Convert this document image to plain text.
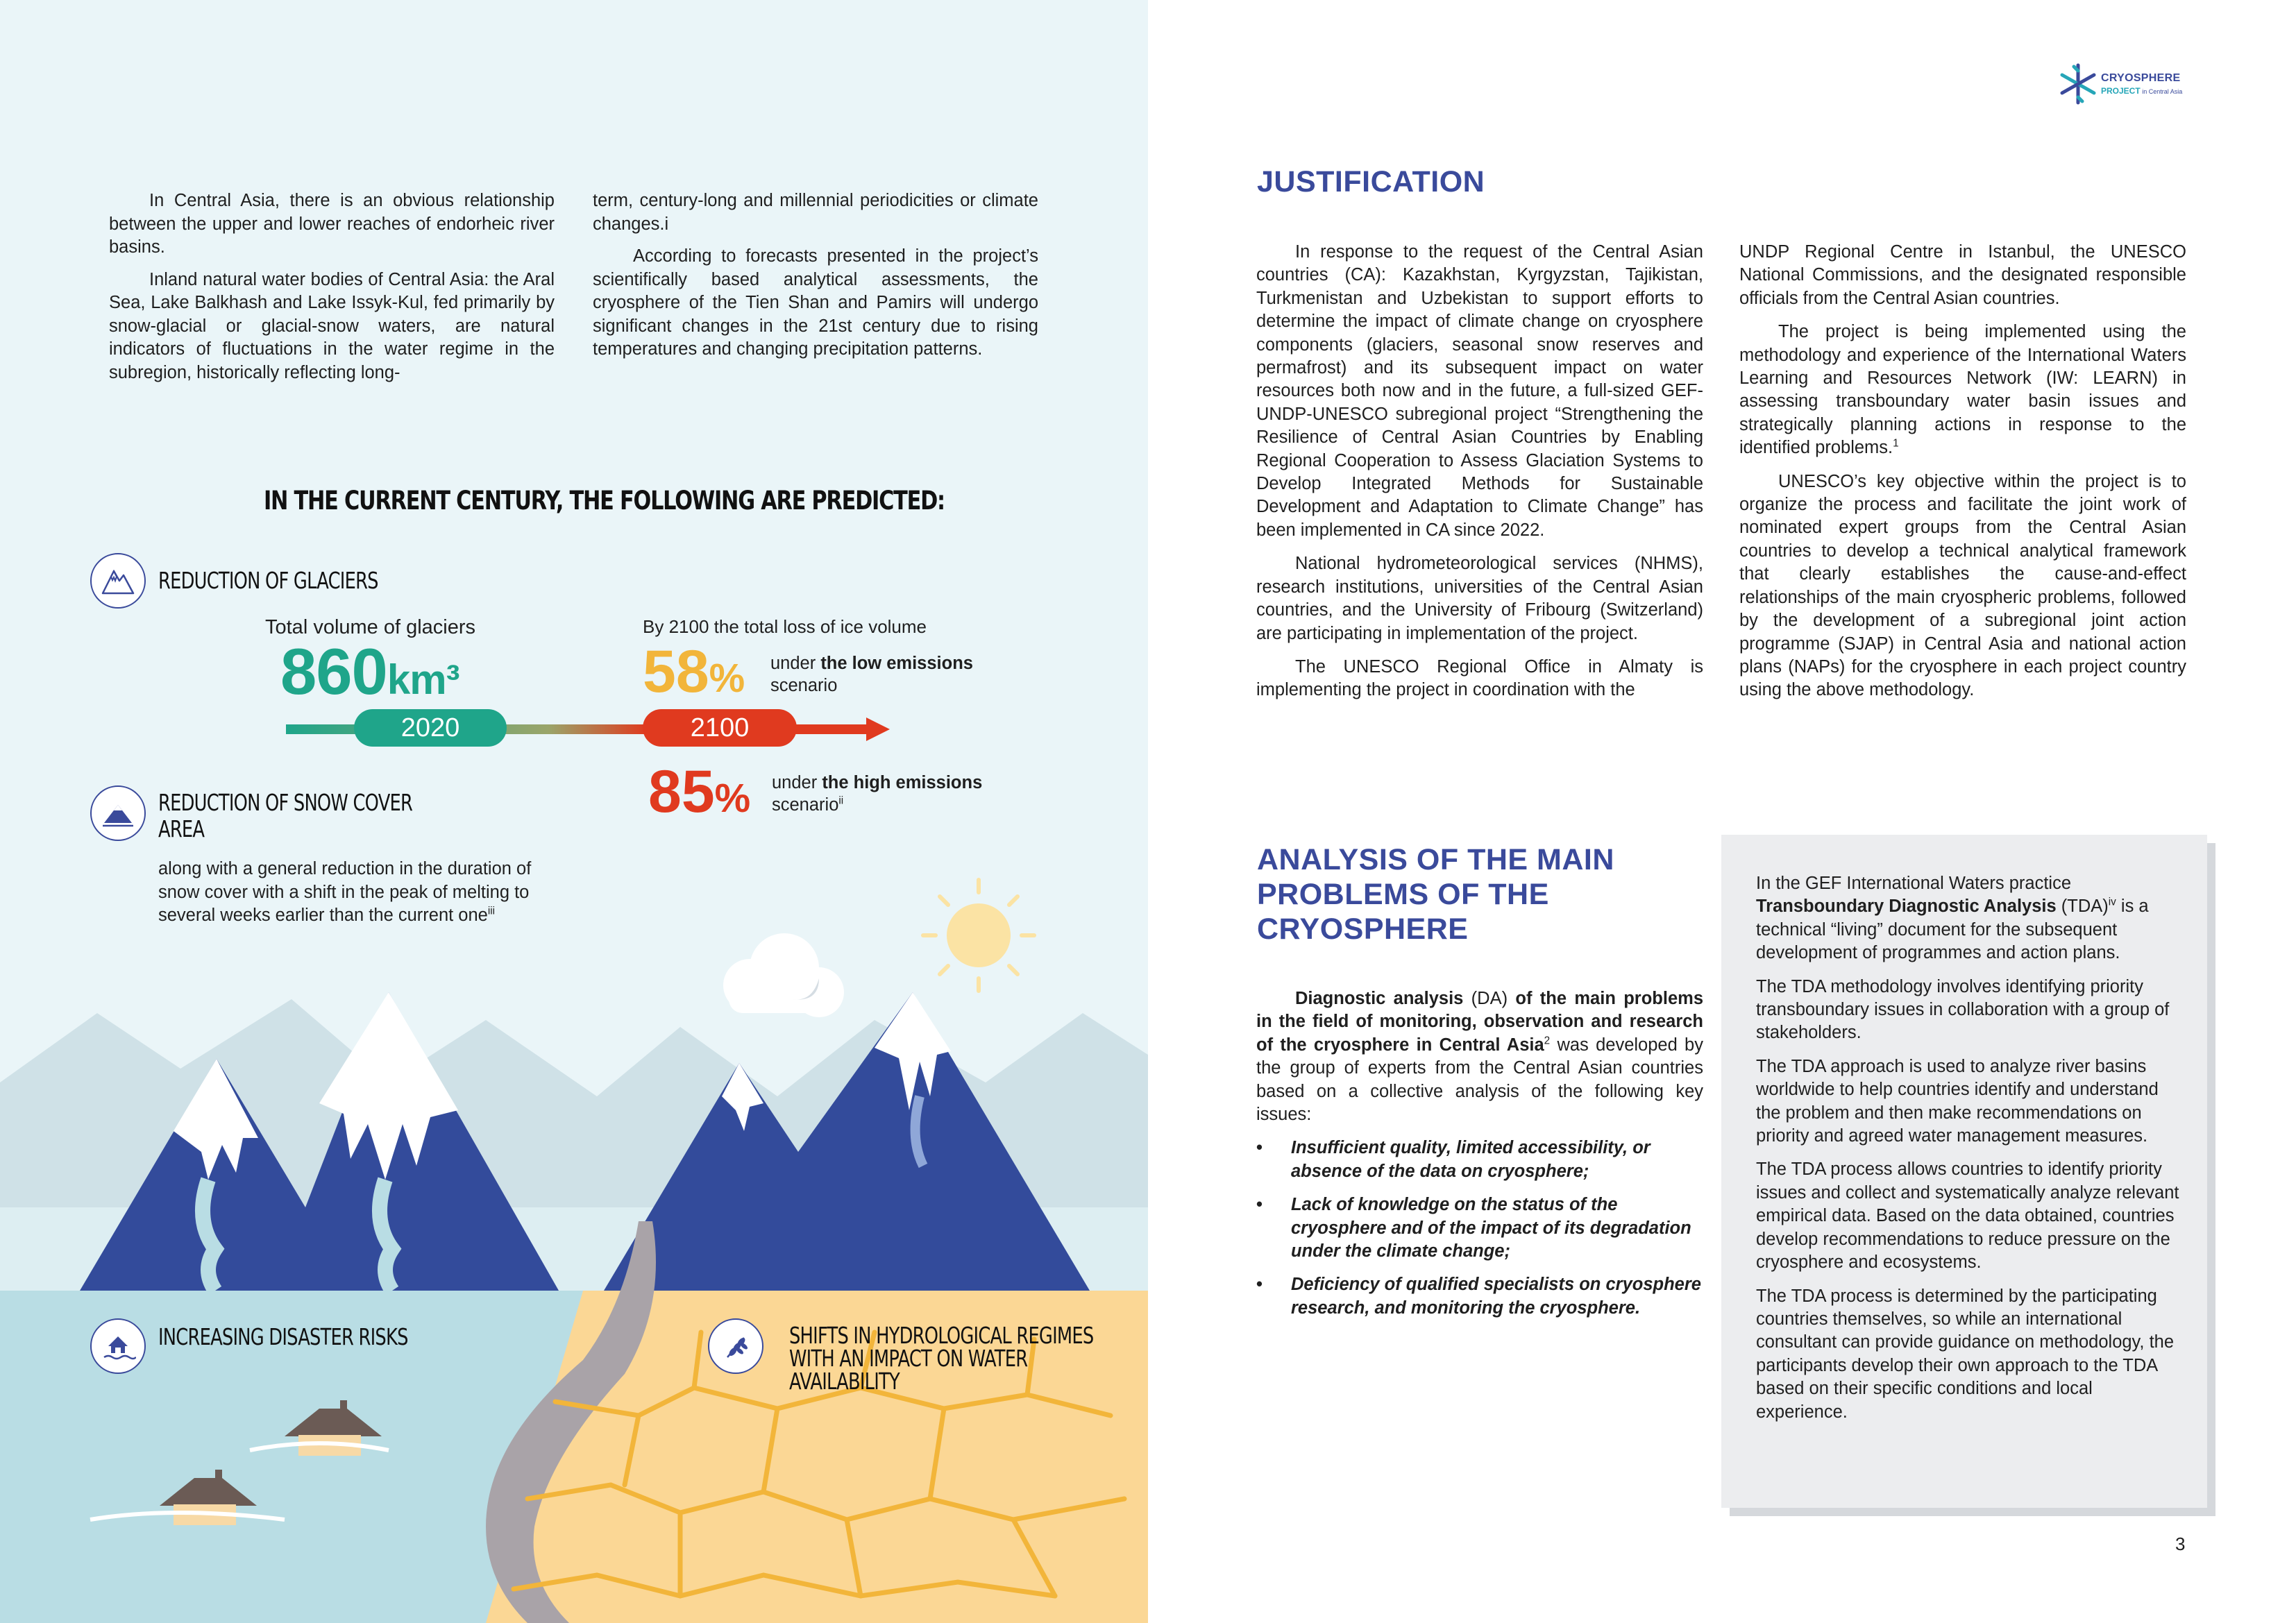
In Central Asia, there is an obvious relationship between the upper and lower reaches of endorheic river basins.

Inland natural water bodies of Central Asia: the Aral Sea, Lake Balkhash and Lake Issyk-Kul, fed primarily by snow-glacial or glacial-snow waters, are natural indicators of fluctuations in the water regime in the subregion, historically reflecting long-

term, century-long and millennial periodicities or climate changes.i

According to forecasts presented in the project’s scientifically based analytical assessments, the cryosphere of the Tien Shan and Pamirs will undergo significant changes in the 21st century due to rising temperatures and changing precipitation patterns.

IN THE CURRENT CENTURY, THE FOLLOWING ARE PREDICTED:
REDUCTION OF GLACIERS
Total volume of glaciers
860km³
By 2100 the total loss of ice volume
58% under the low emissions
scenario
2020	2100
85% under the high emissions
scenario$^{ii}$
REDUCTION OF SNOW COVER
AREA
along with a general reduction in the duration of snow cover with a shift in the peak of melting to several weeks earlier than the current one$^{iii}$
INCREASING DISASTER RISKS	SHIFTS IN HYDROLOGICAL REGIMES
WITH AN IMPACT ON WATER
AVAILABILITY
CRYOSPHERE
PROJECT in Central Asia
JUSTIFICATION

In response to the request of the Central Asian countries (CA): Kazakhstan, Kyrgyzstan, Tajikistan, Turkmenistan and Uzbekistan to support efforts to determine the impact of climate change on cryosphere components (glaciers, seasonal snow reserves and permafrost) and its subsequent impact on water resources both now and in the future, a full-sized GEF-UNDP-UNESCO subregional project “Strengthening the Resilience of Central Asian Countries by Enabling Regional Cooperation to Assess Glaciation Systems to Develop Integrated Methods for Sustainable Development and Adaptation to Climate Change” has been implemented in CA since 2022.

National hydrometeorological services (NHMS), research institutions, universities of the Central Asian countries, and the University of Fribourg (Switzerland) are participating in implementation of the project.

The UNESCO Regional Office in Almaty is implementing the project in coordination with the

UNDP Regional Centre in Istanbul, the UNESCO National Commissions, and the designated responsible officials from the Central Asian countries.

The project is being implemented using the methodology and experience of the International Waters Learning and Resources Network (IW: LEARN) in assessing transboundary water basin issues and strategically planning actions in response to the identified problems.$^1$

UNESCO’s key objective within the project is to organize the process and facilitate the joint work of nominated expert groups from the Central Asian countries to develop a technical analytical framework that clearly establishes the cause-and-effect relationships of the main cryospheric problems, followed by the development of a subregional joint action programme (SJAP) in Central Asia and national action plans (NAPs) for the cryosphere in each project country using the above methodology.

ANALYSIS OF THE MAIN
PROBLEMS OF THE
CRYOSPHERE

Diagnostic analysis (DA) of the main problems in the field of monitoring, observation and research of the cryosphere in Central Asia$^2$ was developed by the group of experts from the Central Asian countries based on a collective analysis of the following key issues:

• Insufficient quality, limited accessibility, or absence of the data on cryosphere;
• Lack of knowledge on the status of the cryosphere and of the impact of its degradation under the climate change;
• Deficiency of qualified specialists on cryosphere research, and monitoring the cryosphere.

In the GEF International Waters practice Transboundary Diagnostic Analysis (TDA)$^{iv}$ is a technical “living” document for the subsequent development of programmes and action plans.

The TDA methodology involves identifying priority transboundary issues in collaboration with a group of stakeholders.

The TDA approach is used to analyze river basins worldwide to help countries identify and understand the problem and then make recommendations on priority and agreed water management measures.

The TDA process allows countries to identify priority issues and collect and systematically analyze relevant empirical data. Based on the data obtained, countries develop recommendations to reduce pressure on the cryosphere and ecosystems.

The TDA process is determined by the participating countries themselves, so while an international consultant can provide guidance on methodology, the participants develop their own approach to the TDA based on their specific conditions and local experience.

3
